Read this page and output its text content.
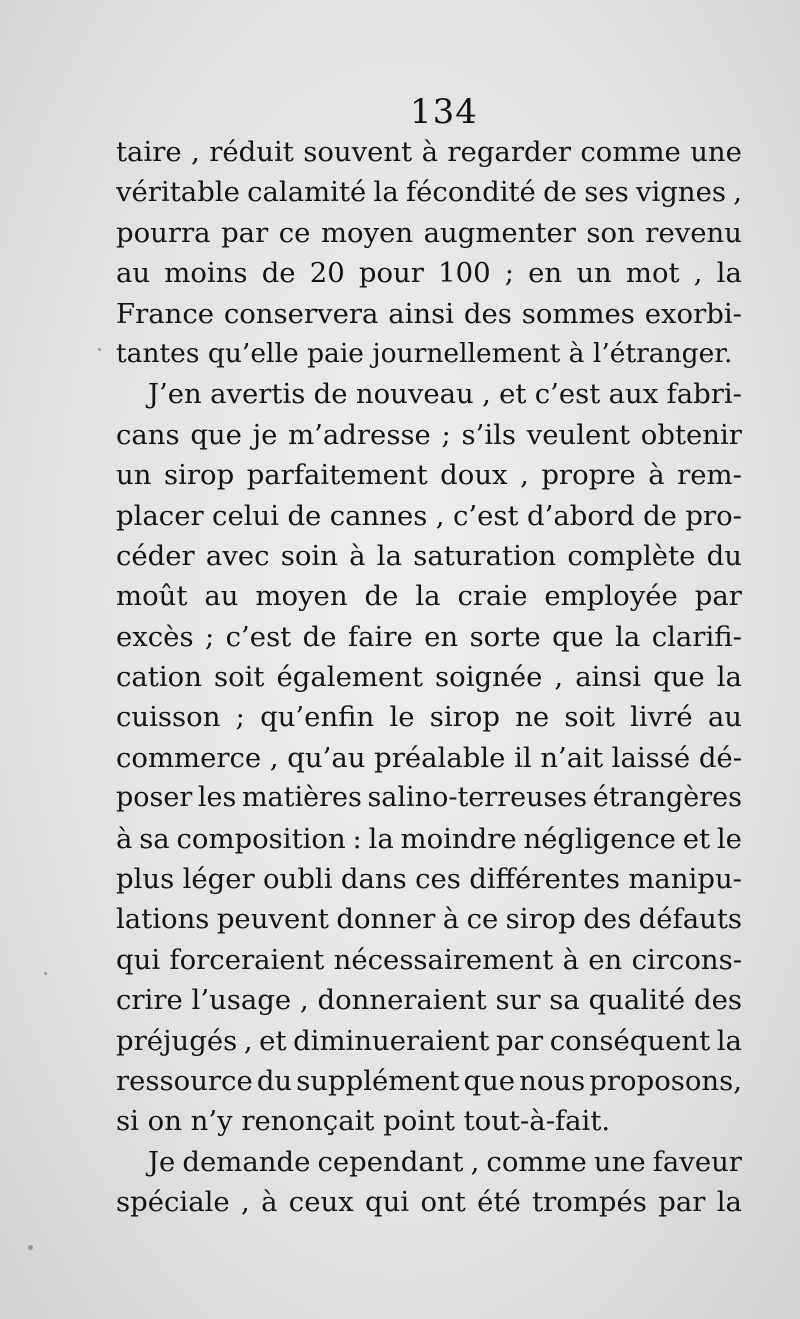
134
taire , réduit souvent à regarder comme une
véritable calamité la fécondité de ses vignes ,
pourra par ce moyen augmenter son revenu
au moins de 20 pour 100 ; en un mot , la
France conservera ainsi des sommes exorbi-
tantes qu’elle paie journellement à l’étranger.
J’en avertis de nouveau , et c’est aux fabri-
cans que je m’adresse ; s’ils veulent obtenir
un sirop parfaitement doux , propre à rem-
placer celui de cannes , c’est d’abord de pro-
céder avec soin à la saturation complète du
moût au moyen de la craie employée par
excès ; c’est de faire en sorte que la clarifi-
cation soit également soignée , ainsi que la
cuisson ; qu’enfin le sirop ne soit livré au
commerce , qu’au préalable il n’ait laissé dé-
poser les matières salino-terreuses étrangères
à sa composition : la moindre négligence et le
plus léger oubli dans ces différentes manipu-
lations peuvent donner à ce sirop des défauts
qui forceraient nécessairement à en circons-
crire l’usage , donneraient sur sa qualité des
préjugés , et diminueraient par conséquent la
ressource du supplément que nous proposons,
si on n’y renonçait point tout-à-fait.
Je demande cependant , comme une faveur
spéciale , à ceux qui ont été trompés par la
